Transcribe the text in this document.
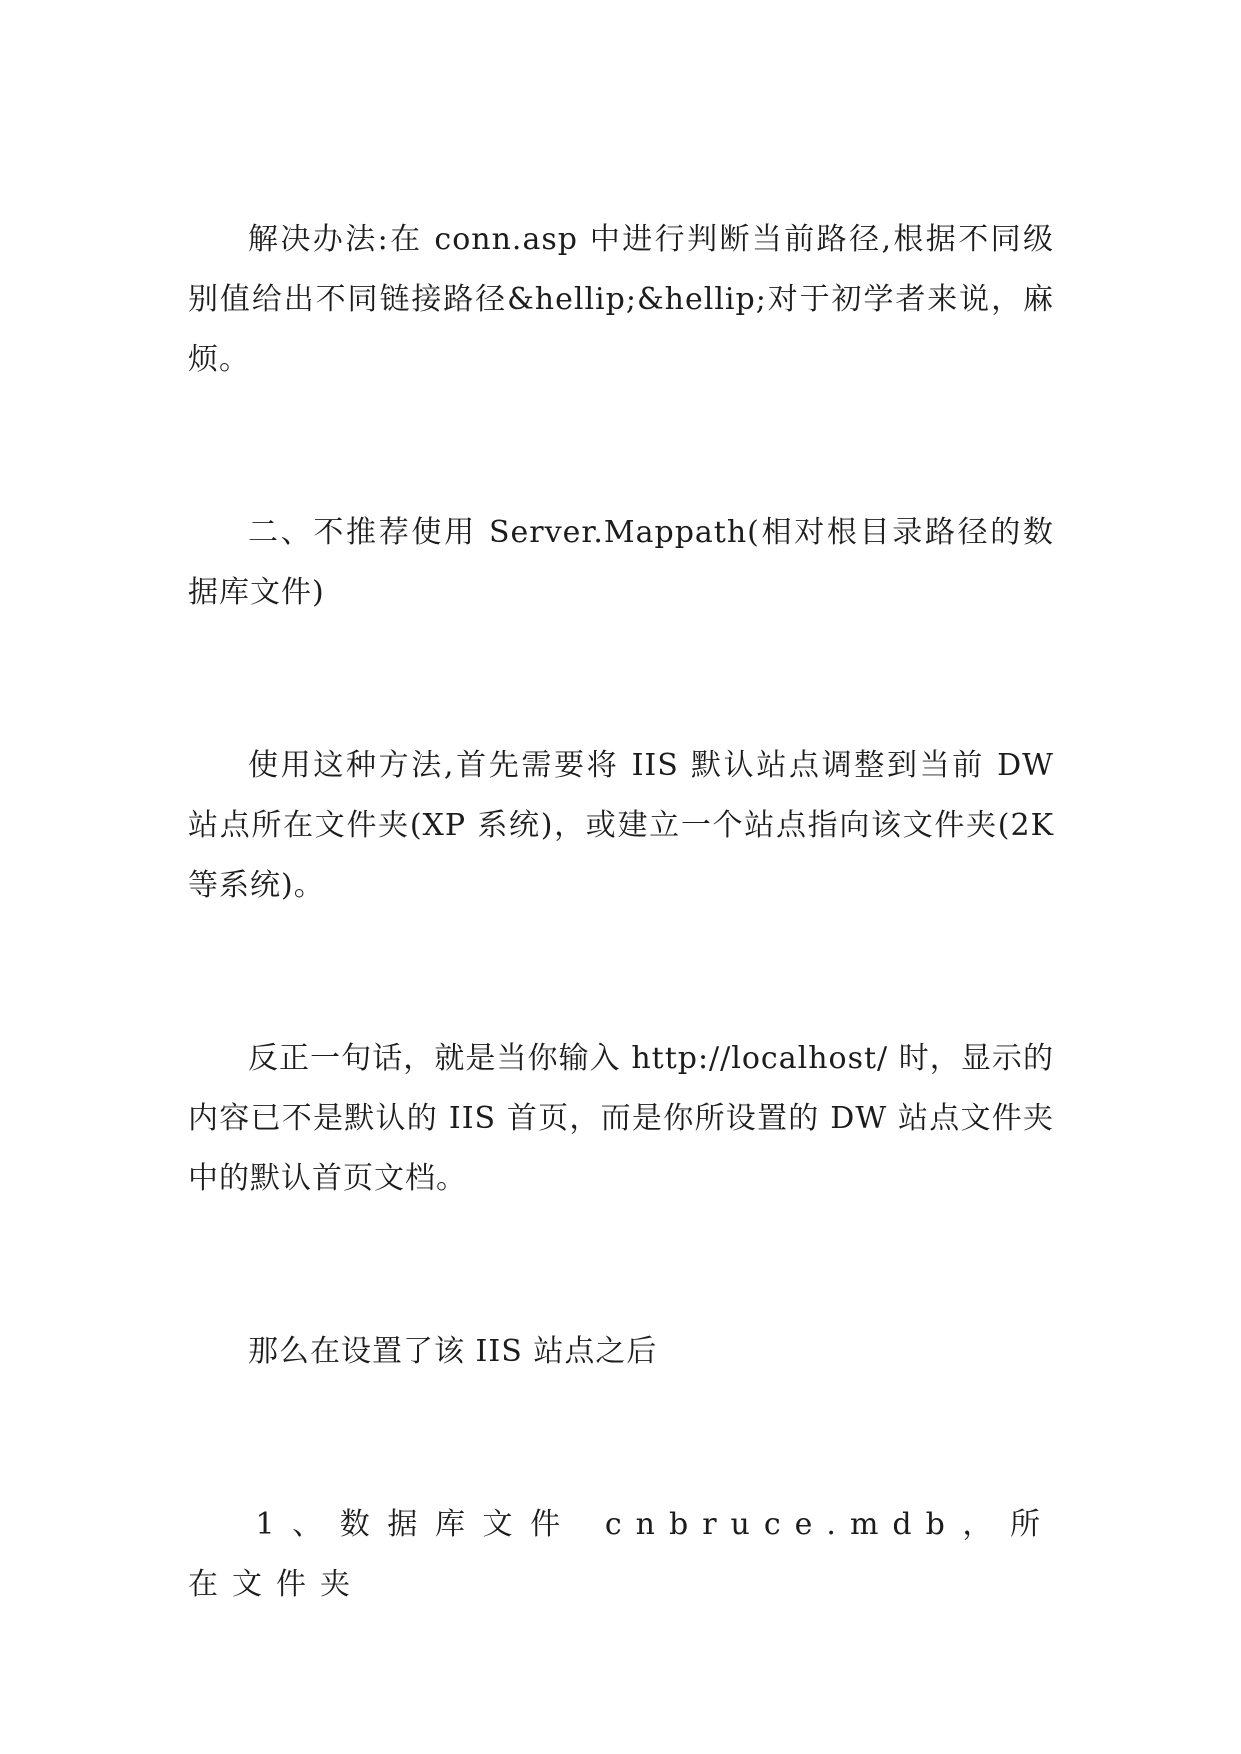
解决办法:在 conn.asp 中进行判断当前路径,根据不同级别值给出不同链接路径&hellip;&hellip;对于初学者来说，麻烦。

二、不推荐使用 Server.Mappath(相对根目录路径的数据库文件)

使用这种方法,首先需要将 IIS 默认站点调整到当前 DW 站点所在文件夹(XP 系统)，或建立一个站点指向该文件夹(2K 等系统)。

反正一句话，就是当你输入 http://localhost/ 时，显示的内容已不是默认的 IIS 首页，而是你所设置的 DW 站点文件夹中的默认首页文档。

那么在设置了该 IIS 站点之后

1、数据库文件 cnbruce.mdb，所在文件夹
